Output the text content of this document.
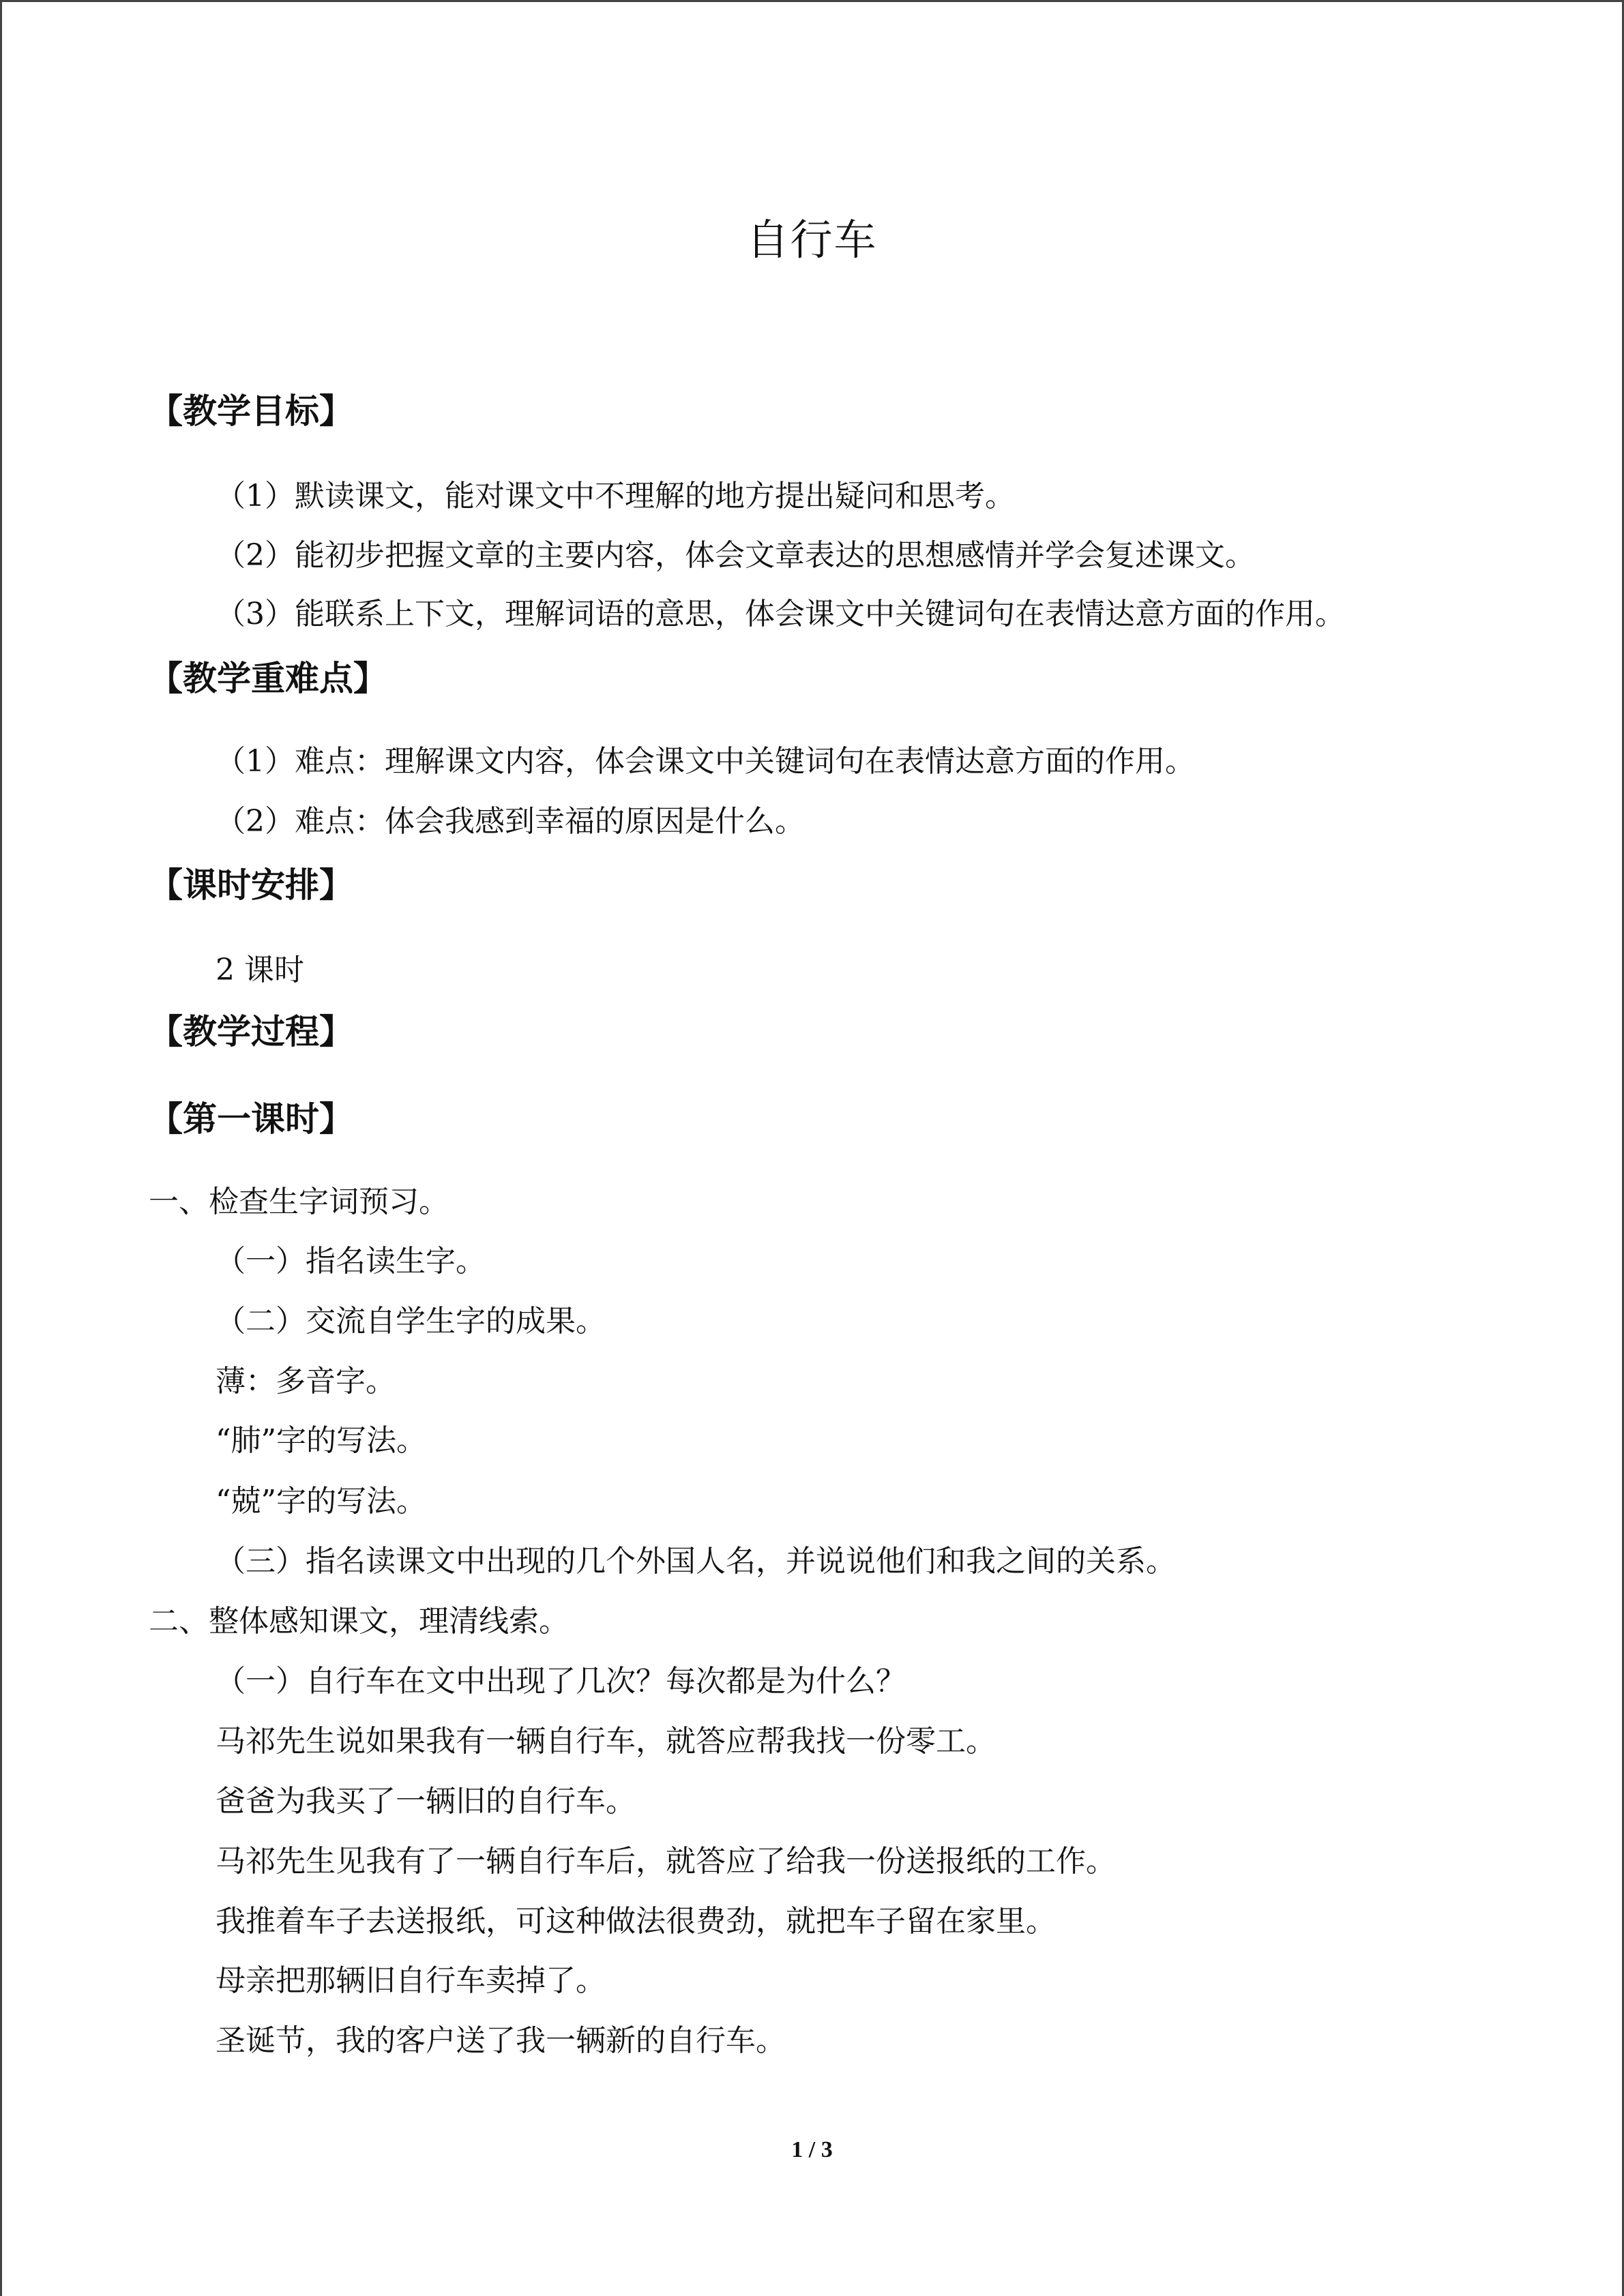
自行车
【教学目标】
（1）默读课文，能对课文中不理解的地方提出疑问和思考。
（2）能初步把握文章的主要内容，体会文章表达的思想感情并学会复述课文。
（3）能联系上下文，理解词语的意思，体会课文中关键词句在表情达意方面的作用。
【教学重难点】
（1）难点：理解课文内容，体会课文中关键词句在表情达意方面的作用。
（2）难点：体会我感到幸福的原因是什么。
【课时安排】
2 课时
【教学过程】
【第一课时】
一、检查生字词预习。
（一）指名读生字。
（二）交流自学生字的成果。
薄：多音字。
“肺”字的写法。
“兢”字的写法。
（三）指名读课文中出现的几个外国人名，并说说他们和我之间的关系。
二、整体感知课文，理清线索。
（一）自行车在文中出现了几次？每次都是为什么？
马祁先生说如果我有一辆自行车，就答应帮我找一份零工。
爸爸为我买了一辆旧的自行车。
马祁先生见我有了一辆自行车后，就答应了给我一份送报纸的工作。
我推着车子去送报纸，可这种做法很费劲，就把车子留在家里。
母亲把那辆旧自行车卖掉了。
圣诞节，我的客户送了我一辆新的自行车。
1 / 3
